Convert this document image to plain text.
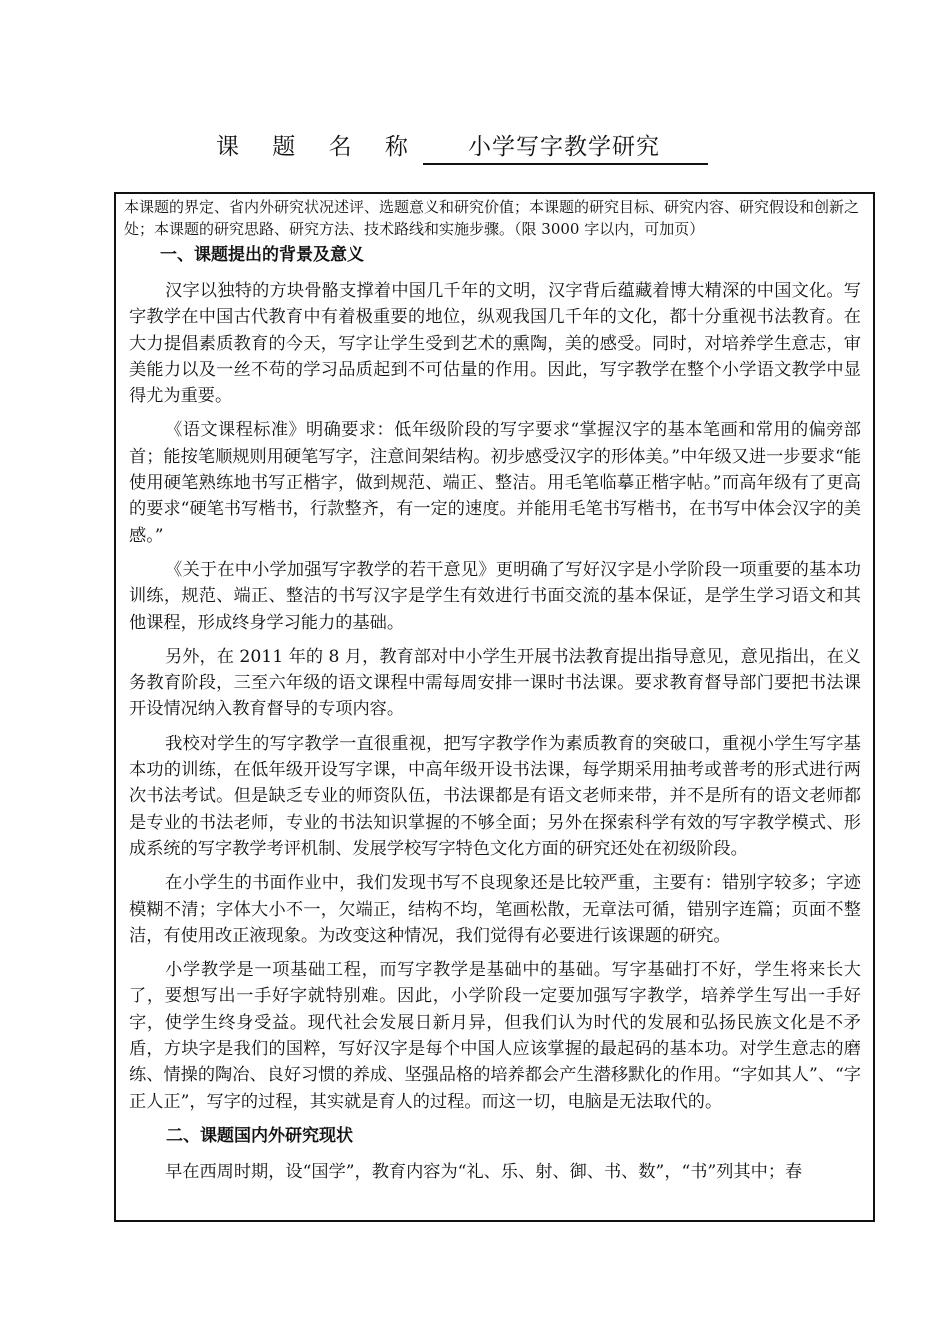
课 题 名 称 小学写字教学研究
本课题的界定、省内外研究状况述评、选题意义和研究价值；本课题的研究目标、研究内容、研究假设和创新之处；本课题的研究思路、研究方法、技术路线和实施步骤。（限 3000 字以内，可加页）
一、课题提出的背景及意义

汉字以独特的方块骨骼支撑着中国几千年的文明，汉字背后蕴藏着博大精深的中国文化。写字教学在中国古代教育中有着极重要的地位，纵观我国几千年的文化，都十分重视书法教育。在大力提倡素质教育的今天，写字让学生受到艺术的熏陶，美的感受。同时，对培养学生意志，审美能力以及一丝不苟的学习品质起到不可估量的作用。因此，写字教学在整个小学语文教学中显得尤为重要。

《语文课程标准》明确要求：低年级阶段的写字要求“掌握汉字的基本笔画和常用的偏旁部首；能按笔顺规则用硬笔写字，注意间架结构。初步感受汉字的形体美。”中年级又进一步要求“能使用硬笔熟练地书写正楷字，做到规范、端正、整洁。用毛笔临摹正楷字帖。”而高年级有了更高的要求“硬笔书写楷书，行款整齐，有一定的速度。并能用毛笔书写楷书，在书写中体会汉字的美感。”

《关于在中小学加强写字教学的若干意见》更明确了写好汉字是小学阶段一项重要的基本功训练，规范、端正、整洁的书写汉字是学生有效进行书面交流的基本保证，是学生学习语文和其他课程，形成终身学习能力的基础。

另外，在 2011 年的 8 月，教育部对中小学生开展书法教育提出指导意见，意见指出，在义务教育阶段，三至六年级的语文课程中需每周安排一课时书法课。要求教育督导部门要把书法课开设情况纳入教育督导的专项内容。

我校对学生的写字教学一直很重视，把写字教学作为素质教育的突破口，重视小学生写字基本功的训练，在低年级开设写字课，中高年级开设书法课，每学期采用抽考或普考的形式进行两次书法考试。但是缺乏专业的师资队伍，书法课都是有语文老师来带，并不是所有的语文老师都是专业的书法老师，专业的书法知识掌握的不够全面；另外在探索科学有效的写字教学模式、形成系统的写字教学考评机制、发展学校写字特色文化方面的研究还处在初级阶段。

在小学生的书面作业中，我们发现书写不良现象还是比较严重，主要有：错别字较多；字迹模糊不清；字体大小不一，欠端正，结构不均，笔画松散，无章法可循，错别字连篇；页面不整洁，有使用改正液现象。为改变这种情况，我们觉得有必要进行该课题的研究。

小学教学是一项基础工程，而写字教学是基础中的基础。写字基础打不好，学生将来长大了，要想写出一手好字就特别难。因此，小学阶段一定要加强写字教学，培养学生写出一手好字，使学生终身受益。现代社会发展日新月异，但我们认为时代的发展和弘扬民族文化是不矛盾，方块字是我们的国粹，写好汉字是每个中国人应该掌握的最起码的基本功。对学生意志的磨练、情操的陶冶、良好习惯的养成、坚强品格的培养都会产生潜移默化的作用。“字如其人”、“字正人正”，写字的过程，其实就是育人的过程。而这一切，电脑是无法取代的。

二、课题国内外研究现状

早在西周时期，设“国学”，教育内容为“礼、乐、射、御、书、数”，“书”列其中；春
